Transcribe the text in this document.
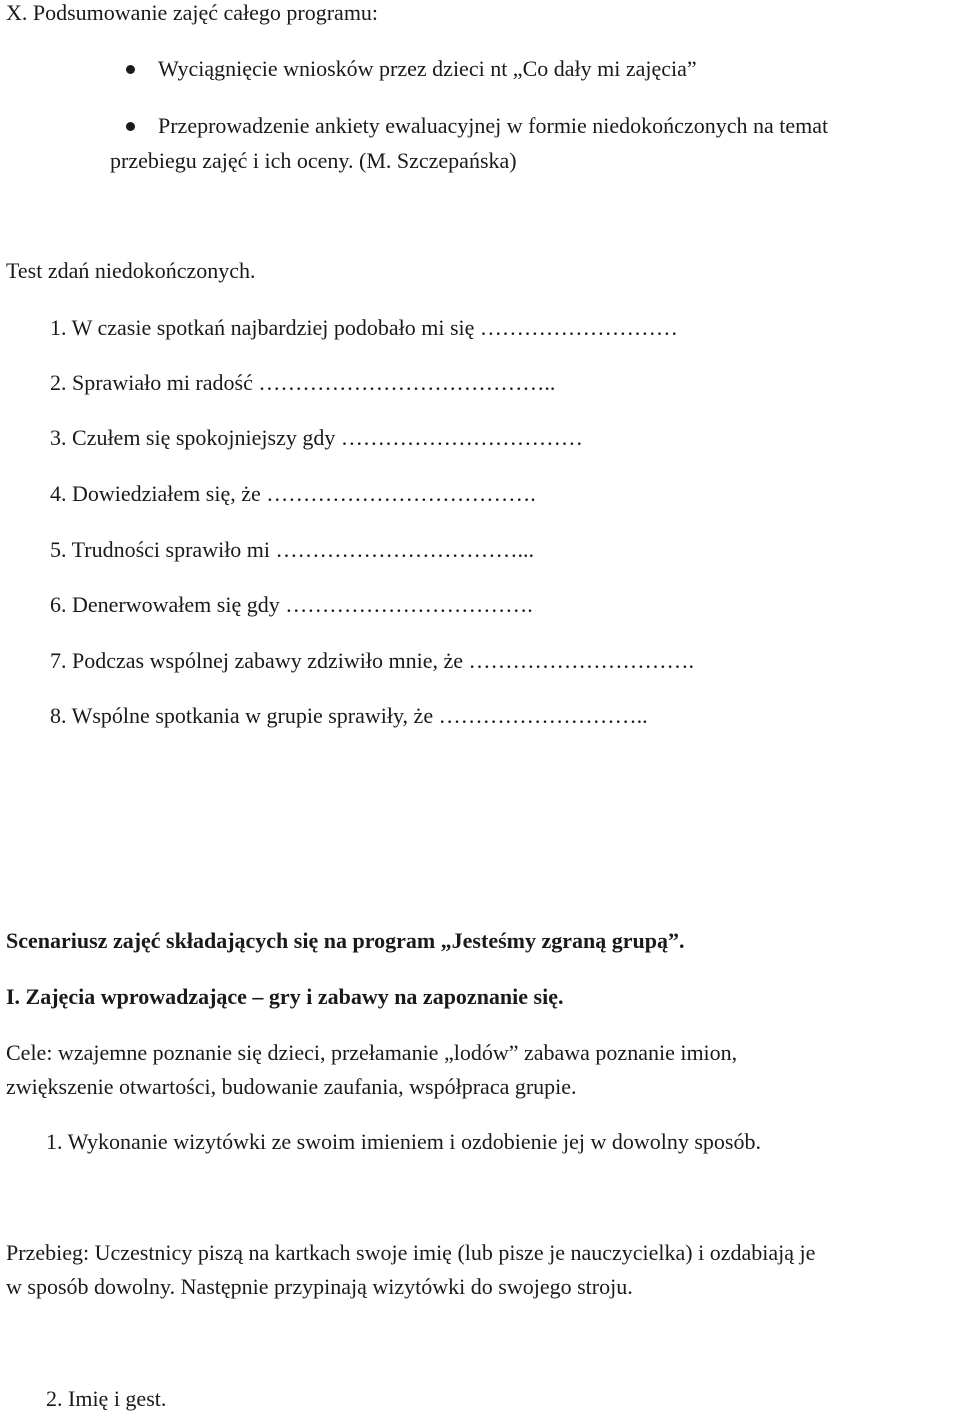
X. Podsumowanie zajęć całego programu:
Wyciągnięcie wniosków przez dzieci nt „Co dały mi zajęcia”
Przeprowadzenie ankiety ewaluacyjnej w formie niedokończonych na temat
przebiegu zajęć i ich oceny. (M. Szczepańska)
Test zdań niedokończonych.
1. W czasie spotkań najbardziej podobało mi się ………………………
2. Sprawiało mi radość …………………………………..
3. Czułem się spokojniejszy gdy ……………………………
4. Dowiedziałem się, że ……………………………….
5. Trudności sprawiło mi ……………………………...
6. Denerwowałem się gdy …………………………….
7. Podczas wspólnej zabawy zdziwiło mnie, że ………………………….
8. Wspólne spotkania w grupie sprawiły, że ………………………..
Scenariusz zajęć składających się na program „Jesteśmy zgraną grupą”.
I. Zajęcia wprowadzające – gry i zabawy na zapoznanie się.
Cele: wzajemne poznanie się dzieci, przełamanie „lodów” zabawa poznanie imion,
zwiększenie otwartości, budowanie zaufania, współpraca grupie.
1. Wykonanie wizytówki ze swoim imieniem i ozdobienie jej w dowolny sposób.
Przebieg: Uczestnicy piszą na kartkach swoje imię (lub pisze je nauczycielka) i ozdabiają je
w sposób dowolny. Następnie przypinają wizytówki do swojego stroju.
2. Imię i gest.
